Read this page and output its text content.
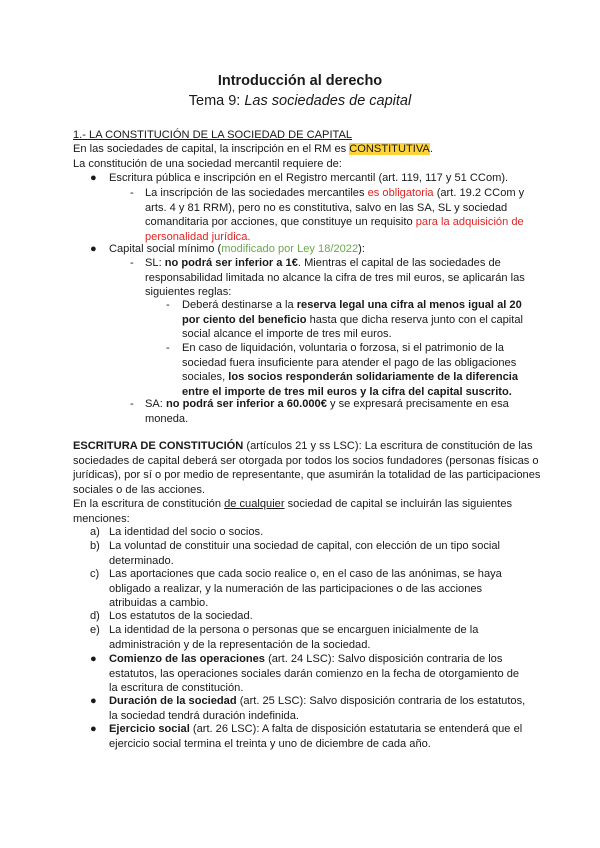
Introducción al derecho
Tema 9: Las sociedades de capital
1.- LA CONSTITUCIÓN DE LA SOCIEDAD DE CAPITAL
En las sociedades de capital, la inscripción en el RM es CONSTITUTIVA.
La constitución de una sociedad mercantil requiere de:
● Escritura pública e inscripción en el Registro mercantil (art. 119, 117 y 51 CCom).
- La inscripción de las sociedades mercantiles es obligatoria (art. 19.2 CCom y arts. 4 y 81 RRM), pero no es constitutiva, salvo en las SA, SL y sociedad comanditaria por acciones, que constituye un requisito para la adquisición de personalidad jurídica.
● Capital social mínimo (modificado por Ley 18/2022):
- SL: no podrá ser inferior a 1€. Mientras el capital de las sociedades de responsabilidad limitada no alcance la cifra de tres mil euros, se aplicarán las siguientes reglas:
- Deberá destinarse a la reserva legal una cifra al menos igual al 20 por ciento del beneficio hasta que dicha reserva junto con el capital social alcance el importe de tres mil euros.
- En caso de liquidación, voluntaria o forzosa, si el patrimonio de la sociedad fuera insuficiente para atender el pago de las obligaciones sociales, los socios responderán solidariamente de la diferencia entre el importe de tres mil euros y la cifra del capital suscrito.
- SA: no podrá ser inferior a 60.000€ y se expresará precisamente en esa moneda.
ESCRITURA DE CONSTITUCIÓN (artículos 21 y ss LSC): La escritura de constitución de las sociedades de capital deberá ser otorgada por todos los socios fundadores (personas físicas o jurídicas), por sí o por medio de representante, que asumirán la totalidad de las participaciones sociales o de las acciones.
En la escritura de constitución de cualquier sociedad de capital se incluirán las siguientes menciones:
a) La identidad del socio o socios.
b) La voluntad de constituir una sociedad de capital, con elección de un tipo social determinado.
c) Las aportaciones que cada socio realice o, en el caso de las anónimas, se haya obligado a realizar, y la numeración de las participaciones o de las acciones atribuidas a cambio.
d) Los estatutos de la sociedad.
e) La identidad de la persona o personas que se encarguen inicialmente de la administración y de la representación de la sociedad.
● Comienzo de las operaciones (art. 24 LSC): Salvo disposición contraria de los estatutos, las operaciones sociales darán comienzo en la fecha de otorgamiento de la escritura de constitución.
● Duración de la sociedad (art. 25 LSC): Salvo disposición contraria de los estatutos, la sociedad tendrá duración indefinida.
● Ejercicio social (art. 26 LSC): A falta de disposición estatutaria se entenderá que el ejercicio social termina el treinta y uno de diciembre de cada año.
